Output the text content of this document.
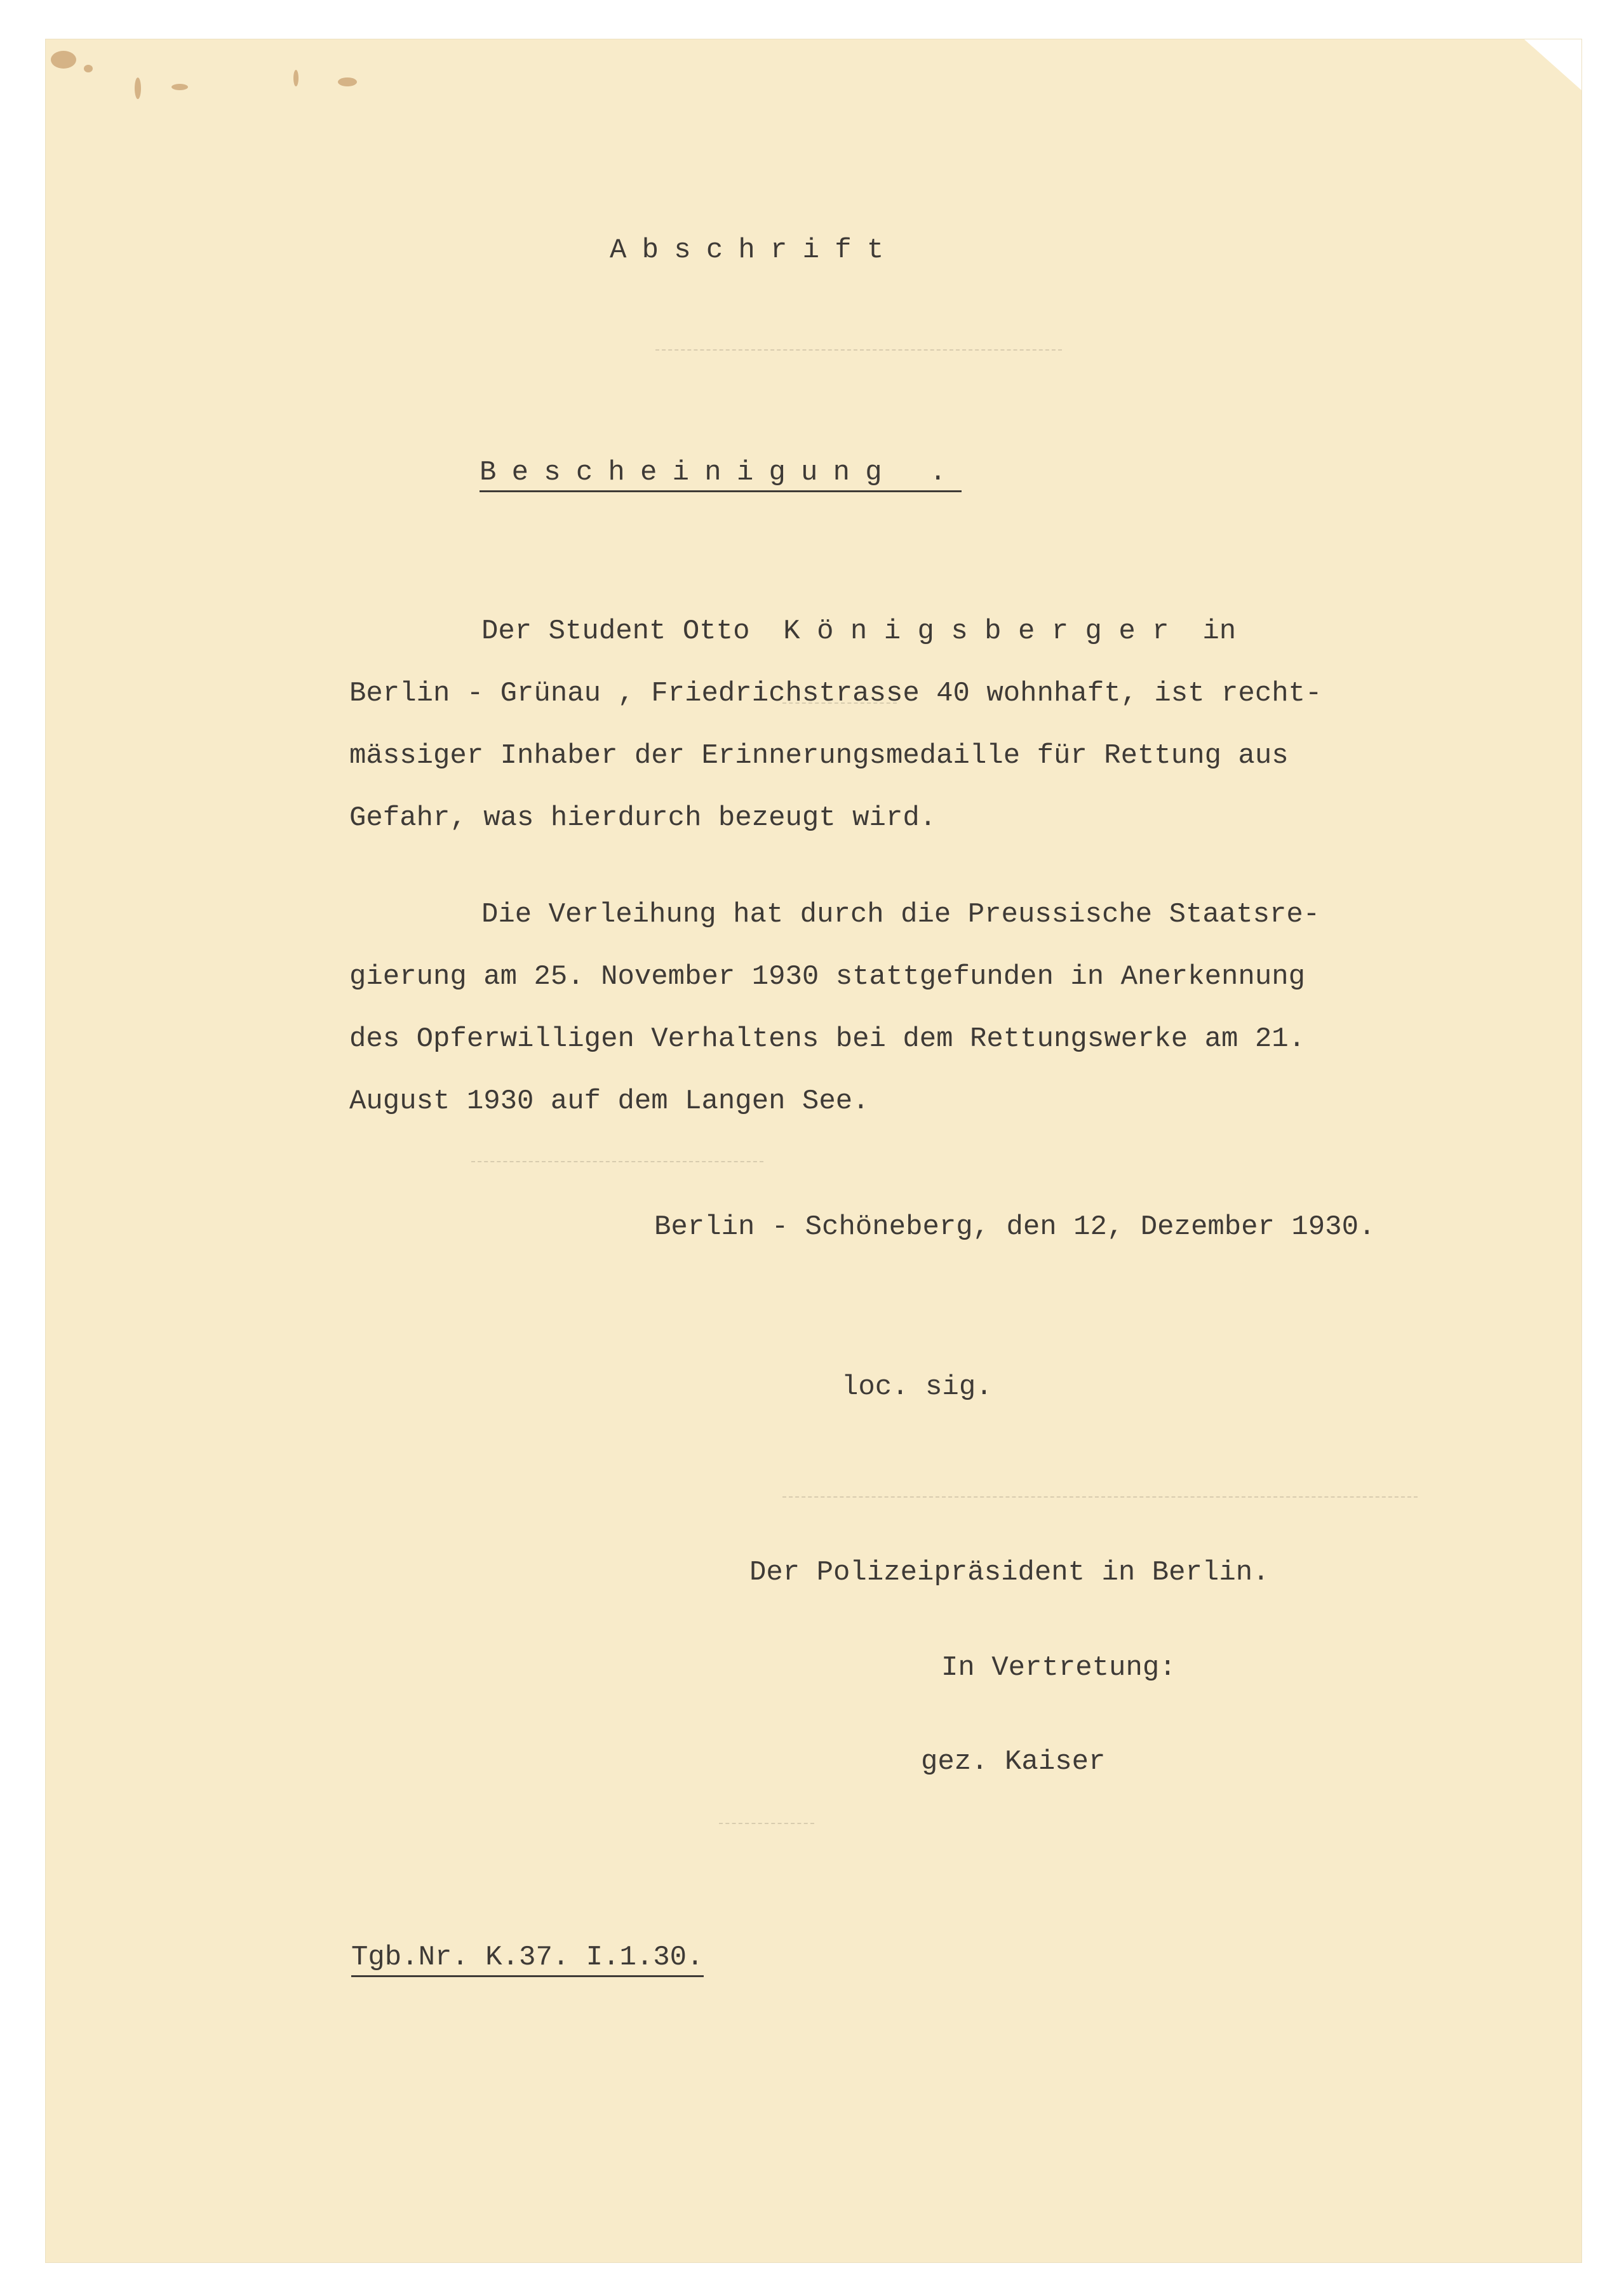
Abschrift
Bescheinigung .
Der Student Otto  K ö n i g s b e r g e r  in
Berlin - Grünau , Friedrichstrasse 40 wohnhaft, ist recht-
mässiger Inhaber der Erinnerungsmedaille für Rettung aus
Gefahr, was hierdurch bezeugt wird.
Die Verleihung hat durch die Preussische Staatsre-
gierung am 25. November 1930 stattgefunden in Anerkennung
des Opferwilligen Verhaltens bei dem Rettungswerke am 21.
August 1930 auf dem Langen See.
Berlin - Schöneberg, den 12, Dezember 1930.
loc. sig.
Der Polizeipräsident in Berlin.
In Vertretung:
gez. Kaiser
Tgb.Nr. K.37. I.1.30.
